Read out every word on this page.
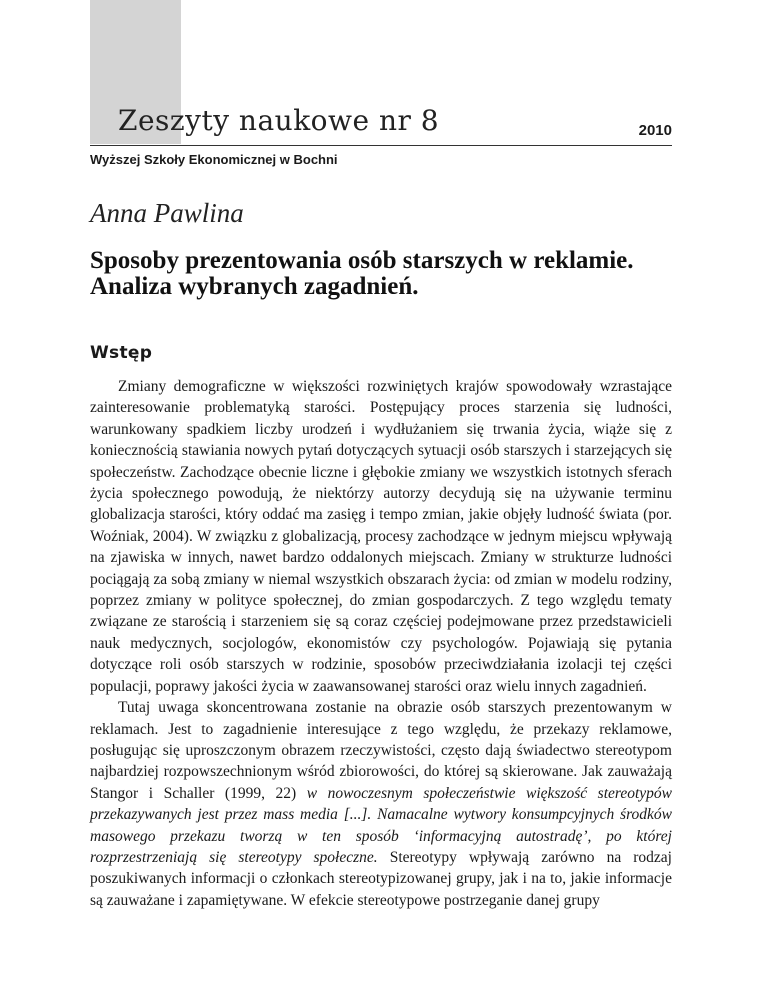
Zeszyty naukowe nr 8	2010
Wyższej Szkoły Ekonomicznej w Bochni
Anna Pawlina
Sposoby prezentowania osób starszych w reklamie.
Analiza wybranych zagadnień.
Wstęp

Zmiany demograficzne w większości rozwiniętych krajów spowodowały wzrastające zainteresowanie problematyką starości. Postępujący proces starzenia się ludności, warunkowany spadkiem liczby urodzeń i wydłużaniem się trwania życia, wiąże się z koniecznością stawiania nowych pytań dotyczących sytuacji osób starszych i starzejących się społeczeństw. Zachodzące obecnie liczne i głębokie zmiany we wszystkich istotnych sferach życia społecznego powodują, że niektórzy autorzy decydują się na używanie terminu globalizacja starości, który oddać ma zasięg i tempo zmian, jakie objęły ludność świata (por. Woźniak, 2004). W związku z globalizacją, procesy zachodzące w jednym miejscu wpływają na zjawiska w innych, nawet bardzo oddalonych miejscach. Zmiany w strukturze ludności pociągają za sobą zmiany w niemal wszystkich obszarach życia: od zmian w modelu rodziny, poprzez zmiany w polityce społecznej, do zmian gospodarczych. Z tego względu tematy związane ze starością i starzeniem się są coraz częściej podejmowane przez przedstawicieli nauk medycznych, socjologów, ekonomistów czy psychologów. Pojawiają się pytania dotyczące roli osób starszych w rodzinie, sposobów przeciwdziałania izolacji tej części populacji, poprawy jakości życia w zaawansowanej starości oraz wielu innych zagadnień.

Tutaj uwaga skoncentrowana zostanie na obrazie osób starszych prezentowanym w reklamach. Jest to zagadnienie interesujące z tego względu, że przekazy reklamowe, posługując się uproszczonym obrazem rzeczywistości, często dają świadectwo stereotypom najbardziej rozpowszechnionym wśród zbiorowości, do której są skierowane. Jak zauważają Stangor i Schaller (1999, 22) w nowoczesnym społeczeństwie większość stereotypów przekazywanych jest przez mass media [...]. Namacalne wytwory konsumpcyjnych środków masowego przekazu tworzą w ten sposób ‘informacyjną autostradę’, po której rozprzestrzeniają się stereotypy społeczne. Stereotypy wpływają zarówno na rodzaj poszukiwanych informacji o członkach stereotypizowanej grupy, jak i na to, jakie informacje są zauważane i zapamiętywane. W efekcie stereotypowe postrzeganie danej grupy
